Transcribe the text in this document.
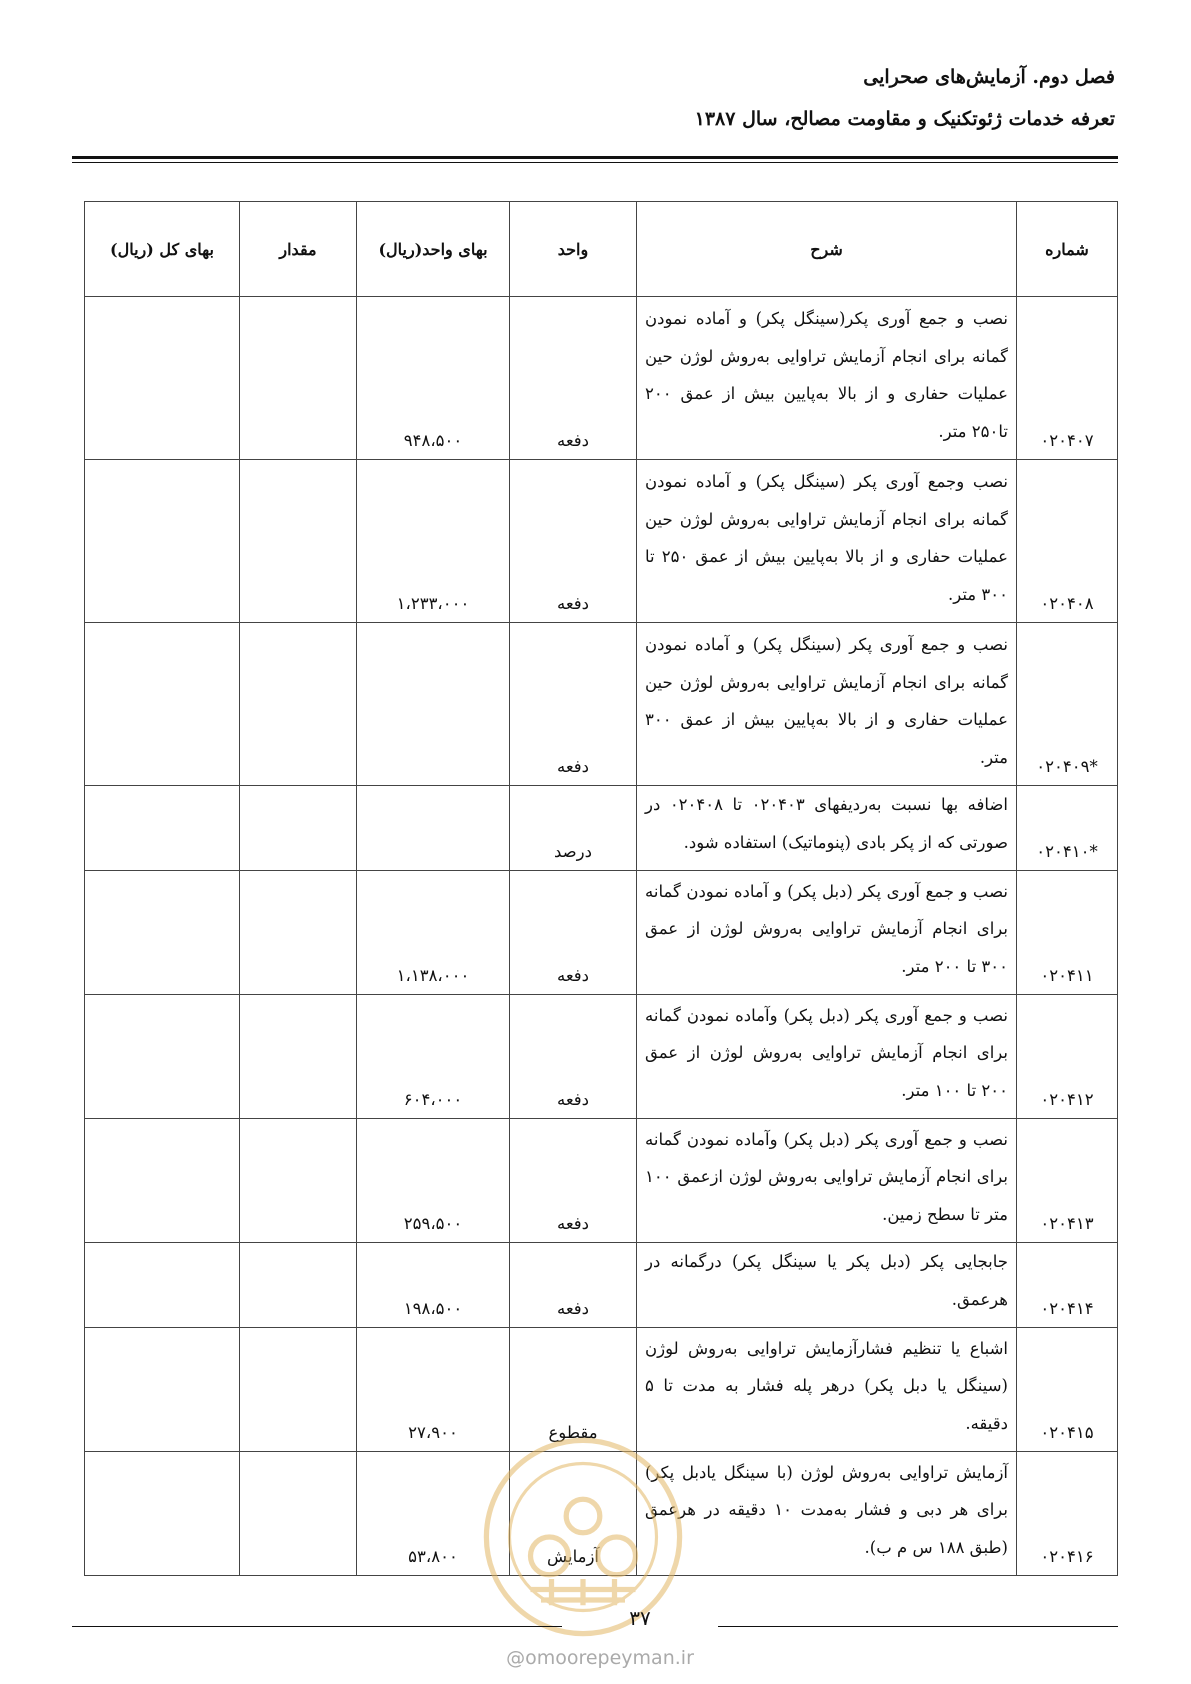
فصل دوم. آزمایش‌های صحرایی
تعرفه خدمات ژئوتکنیک و مقاومت مصالح، سال ۱۳۸۷
شماره	شرح	واحد	بهای واحد(ریال)	مقدار	بهای کل (ریال)
۰۲۰۴۰۷	نصب و جمع آوری پکر(سینگل پکر) و آماده نمودن گمانه برای انجام آزمایش تراوایی به‌روش لوژن حین عملیات حفاری و از بالا به‌پایین بیش از عمق ۲۰۰ تا۲۵۰ متر.	دفعه	۹۴۸،۵۰۰		
۰۲۰۴۰۸	نصب وجمع آوری پکر (سینگل پکر) و آماده نمودن گمانه برای انجام آزمایش تراوایی به‌روش لوژن حین عملیات حفاری و از بالا به‌پایین بیش از عمق ۲۵۰ تا ۳۰۰ متر.	دفعه	۱،۲۳۳،۰۰۰		
*۰۲۰۴۰۹	نصب و جمع آوری پکر (سینگل پکر) و آماده نمودن گمانه برای انجام آزمایش تراوایی به‌روش لوژن حین عملیات حفاری و از بالا به‌پایین بیش از عمق ۳۰۰ متر.	دفعه			
*۰۲۰۴۱۰	اضافه بها نسبت به‌ردیفهای ۰۲۰۴۰۳ تا ۰۲۰۴۰۸ در صورتی که از پکر بادی (پنوماتیک) استفاده شود.	درصد			
۰۲۰۴۱۱	نصب و جمع آوری پکر (دبل پکر) و آماده نمودن گمانه برای انجام آزمایش تراوایی به‌روش لوژن از عمق ۳۰۰ تا ۲۰۰ متر.	دفعه	۱،۱۳۸،۰۰۰		
۰۲۰۴۱۲	نصب و جمع آوری پکر (دبل پکر) وآماده نمودن گمانه برای انجام آزمایش تراوایی به‌روش لوژن از عمق ۲۰۰ تا ۱۰۰ متر.	دفعه	۶۰۴،۰۰۰		
۰۲۰۴۱۳	نصب و جمع آوری پکر (دبل پکر) وآماده نمودن گمانه برای انجام آزمایش تراوایی به‌روش لوژن ازعمق ۱۰۰ متر تا سطح زمین.	دفعه	۲۵۹،۵۰۰		
۰۲۰۴۱۴	جابجایی پکر (دبل پکر یا سینگل پکر) درگمانه در هرعمق.	دفعه	۱۹۸،۵۰۰		
۰۲۰۴۱۵	اشباع یا تنظیم فشارآزمایش تراوایی به‌روش لوژن (سینگل یا دبل پکر) درهر پله فشار به مدت تا ۵ دقیقه.	مقطوع	۲۷،۹۰۰		
۰۲۰۴۱۶	آزمایش تراوایی به‌روش لوژن (با سینگل یادبل پکر) برای هر دبی و فشار به‌مدت ۱۰ دقیقه در هرعمق (طبق ۱۸۸ س م ب).	آزمایش	۵۳،۸۰۰		
۳۷
@omoorepeyman.ir
